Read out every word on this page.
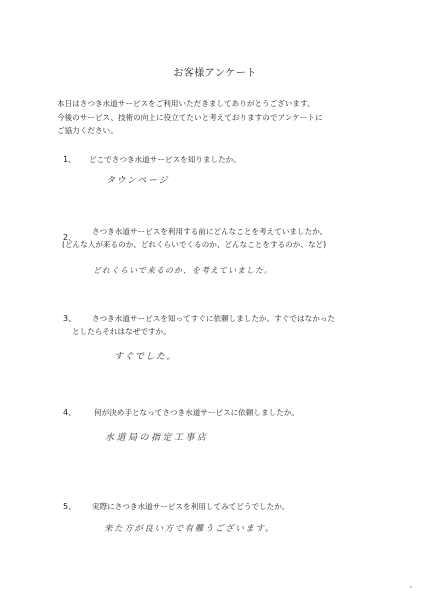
お客様アンケート
本日はさつき水道サービスをご利用いただきましてありがとうございます。
今後のサービス、技術の向上に役立てたいと考えておりますのでアンケートに
ご協力ください。
1、 どこでさつき水道サービスを知りましたか。
タウンページ
2、
さつき水道サービスを利用する前にどんなことを考えていましたか。
(どんな人が来るのか、どれくらいでくるのか、どんなことをするのか、など)
どれくらいで来るのか、を考えていました。
3、 さつき水道サービスを知ってすぐに依頼しましたか。すぐではなかった
としたらそれはなぜですか。
すぐでした。
4、 何が決め手となってさつき水道サービスに依頼しましたか。
水道局の指定工事店
5、 実際にさつき水道サービスを利用してみてどうでしたか。
来た方が良い方で有難うございます。
